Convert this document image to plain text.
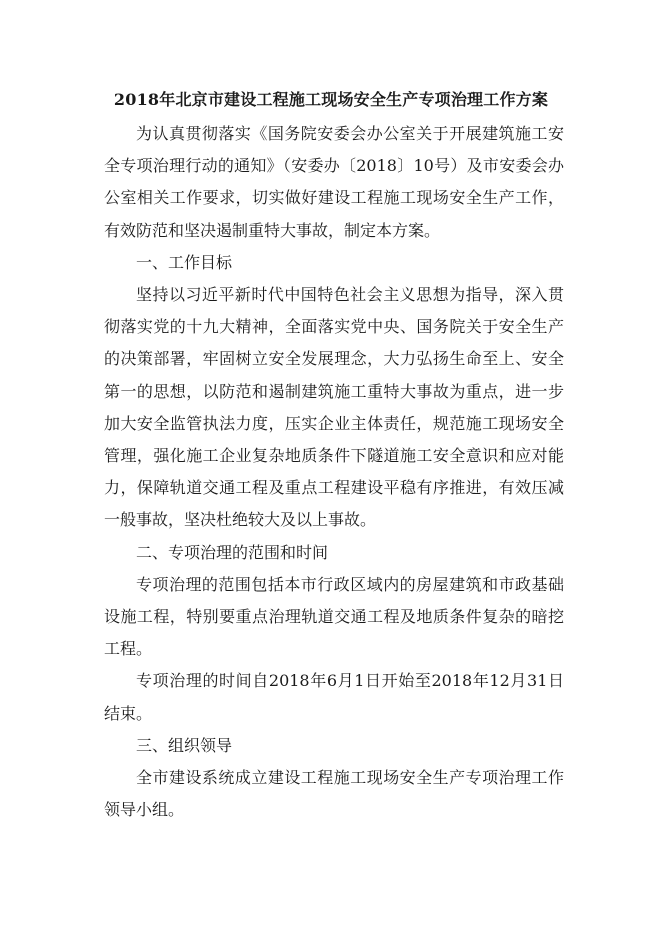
2018年北京市建设工程施工现场安全生产专项治理工作方案

为认真贯彻落实《国务院安委会办公室关于开展建筑施工安全专项治理行动的通知》（安委办〔2018〕10号）及市安委会办公室相关工作要求，切实做好建设工程施工现场安全生产工作，有效防范和坚决遏制重特大事故，制定本方案。

一、工作目标

坚持以习近平新时代中国特色社会主义思想为指导，深入贯彻落实党的十九大精神，全面落实党中央、国务院关于安全生产的决策部署，牢固树立安全发展理念，大力弘扬生命至上、安全第一的思想，以防范和遏制建筑施工重特大事故为重点，进一步加大安全监管执法力度，压实企业主体责任，规范施工现场安全管理，强化施工企业复杂地质条件下隧道施工安全意识和应对能力，保障轨道交通工程及重点工程建设平稳有序推进，有效压减一般事故，坚决杜绝较大及以上事故。

二、专项治理的范围和时间

专项治理的范围包括本市行政区域内的房屋建筑和市政基础设施工程，特别要重点治理轨道交通工程及地质条件复杂的暗挖工程。

专项治理的时间自2018年6月1日开始至2018年12月31日结束。

三、组织领导

全市建设系统成立建设工程施工现场安全生产专项治理工作领导小组。
